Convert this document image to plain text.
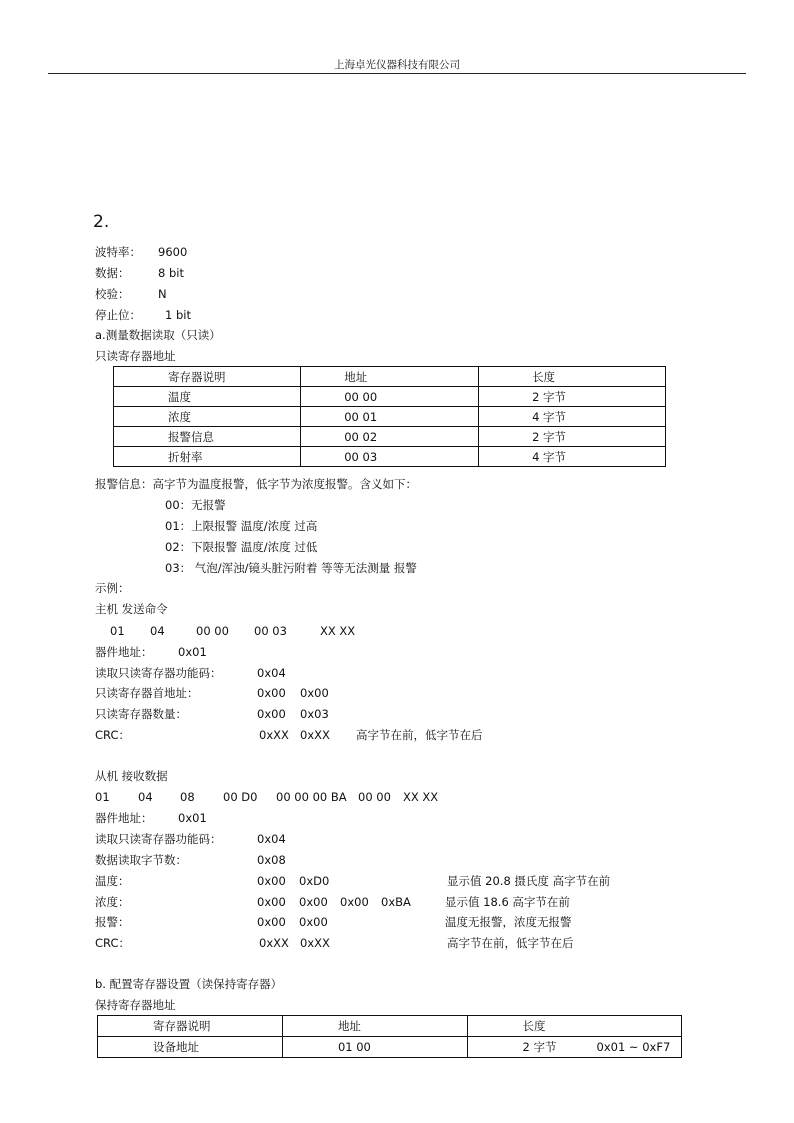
上海卓光仪器科技有限公司
2.
波特率： 9600
数据： 8 bit
校验： N
停止位： 1 bit
a.测量数据读取（只读）
只读寄存器地址
寄存器说明	地址	长度
温度	00 00	2 字节
浓度	00 01	4 字节
报警信息	00 02	2 字节
折射率	00 03	4 字节
报警信息：高字节为温度报警，低字节为浓度报警。含义如下：
00：无报警
01：上限报警 温度/浓度 过高
02：下限报警 温度/浓度 过低
03： 气泡/浑浊/镜头脏污附着 等等无法测量 报警
示例：
主机 发送命令
01 04	00 00 00 03	XX XX
器件地址： 0x01
读取只读寄存器功能码：	0x04
只读寄存器首地址：	0x00 0x00
只读寄存器数量：	0x00 0x03
CRC：	0xXX 0xXX 高字节在前，低字节在后
从机 接收数据
01 04 08 00 D0 00 00 00 BA 00 00 XX XX
器件地址： 0x01
读取只读寄存器功能码：	0x04
数据读取字节数：	0x08
温度：	0x00 0xD0	显示值 20.8 摄氏度 高字节在前
浓度：	0x00 0x00 0x00 0xBA	显示值 18.6 高字节在前
报警：	0x00 0x00	温度无报警，浓度无报警
CRC：	0xXX 0xXX	高字节在前，低字节在后
b. 配置寄存器设置（读保持寄存器）
保持寄存器地址
寄存器说明	地址	长度
设备地址	01 00	2 字节 0x01 ~ 0xF7
